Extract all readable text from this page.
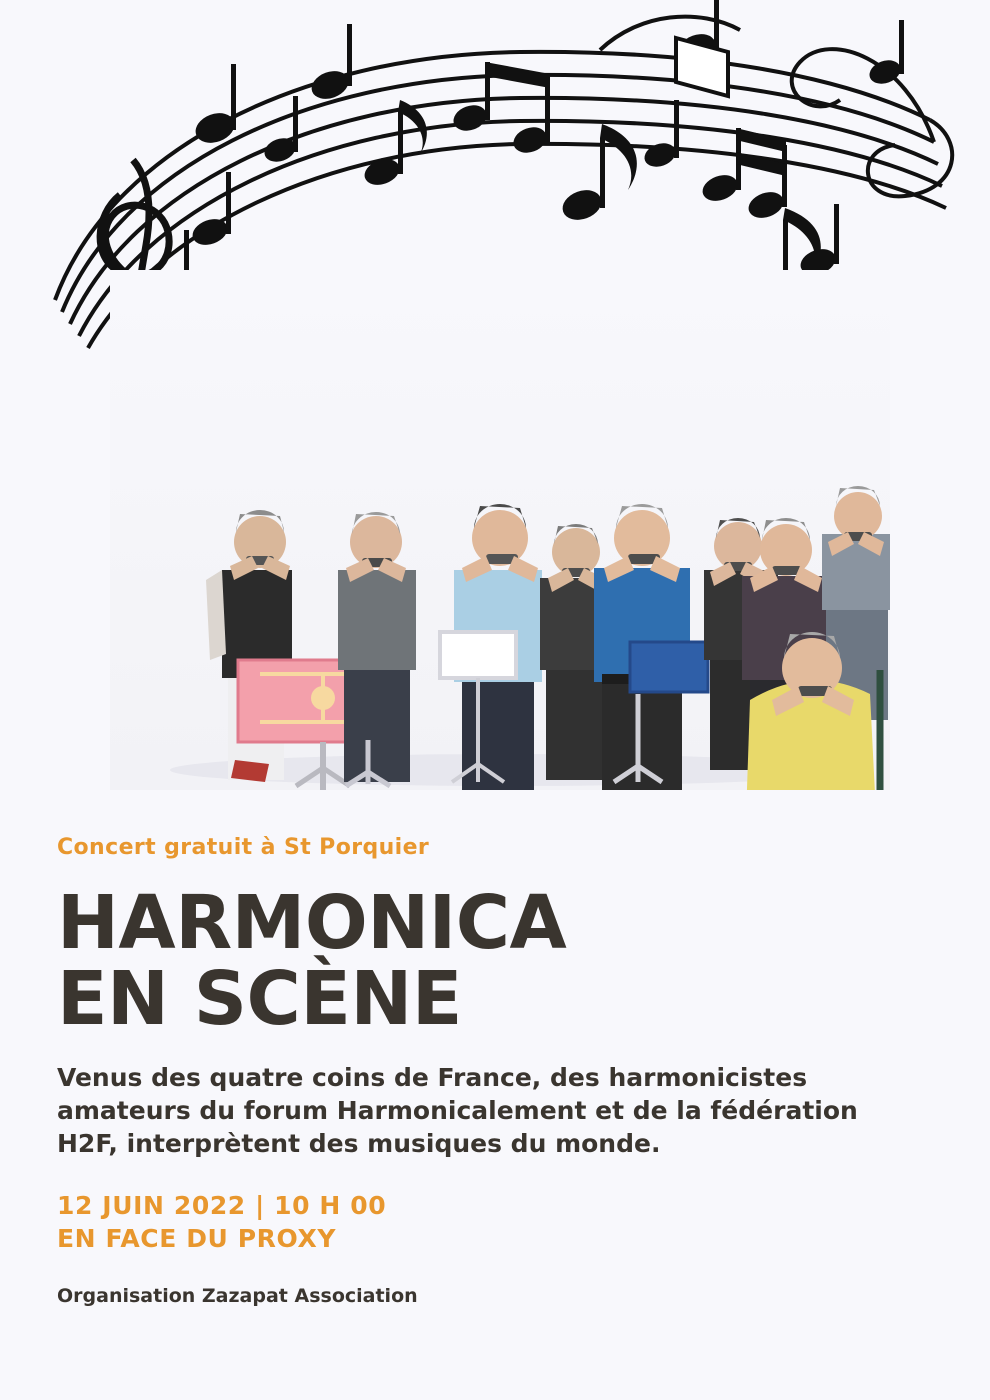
Concert gratuit à St Porquier

HARMONICA
EN SCÈNE

Venus des quatre coins de France, des harmonicistes amateurs du forum Harmonicalement et de la fédération H2F, interprètent des musiques du monde.

12 JUIN 2022 | 10 H 00

EN FACE DU PROXY

Organisation Zazapat Association
